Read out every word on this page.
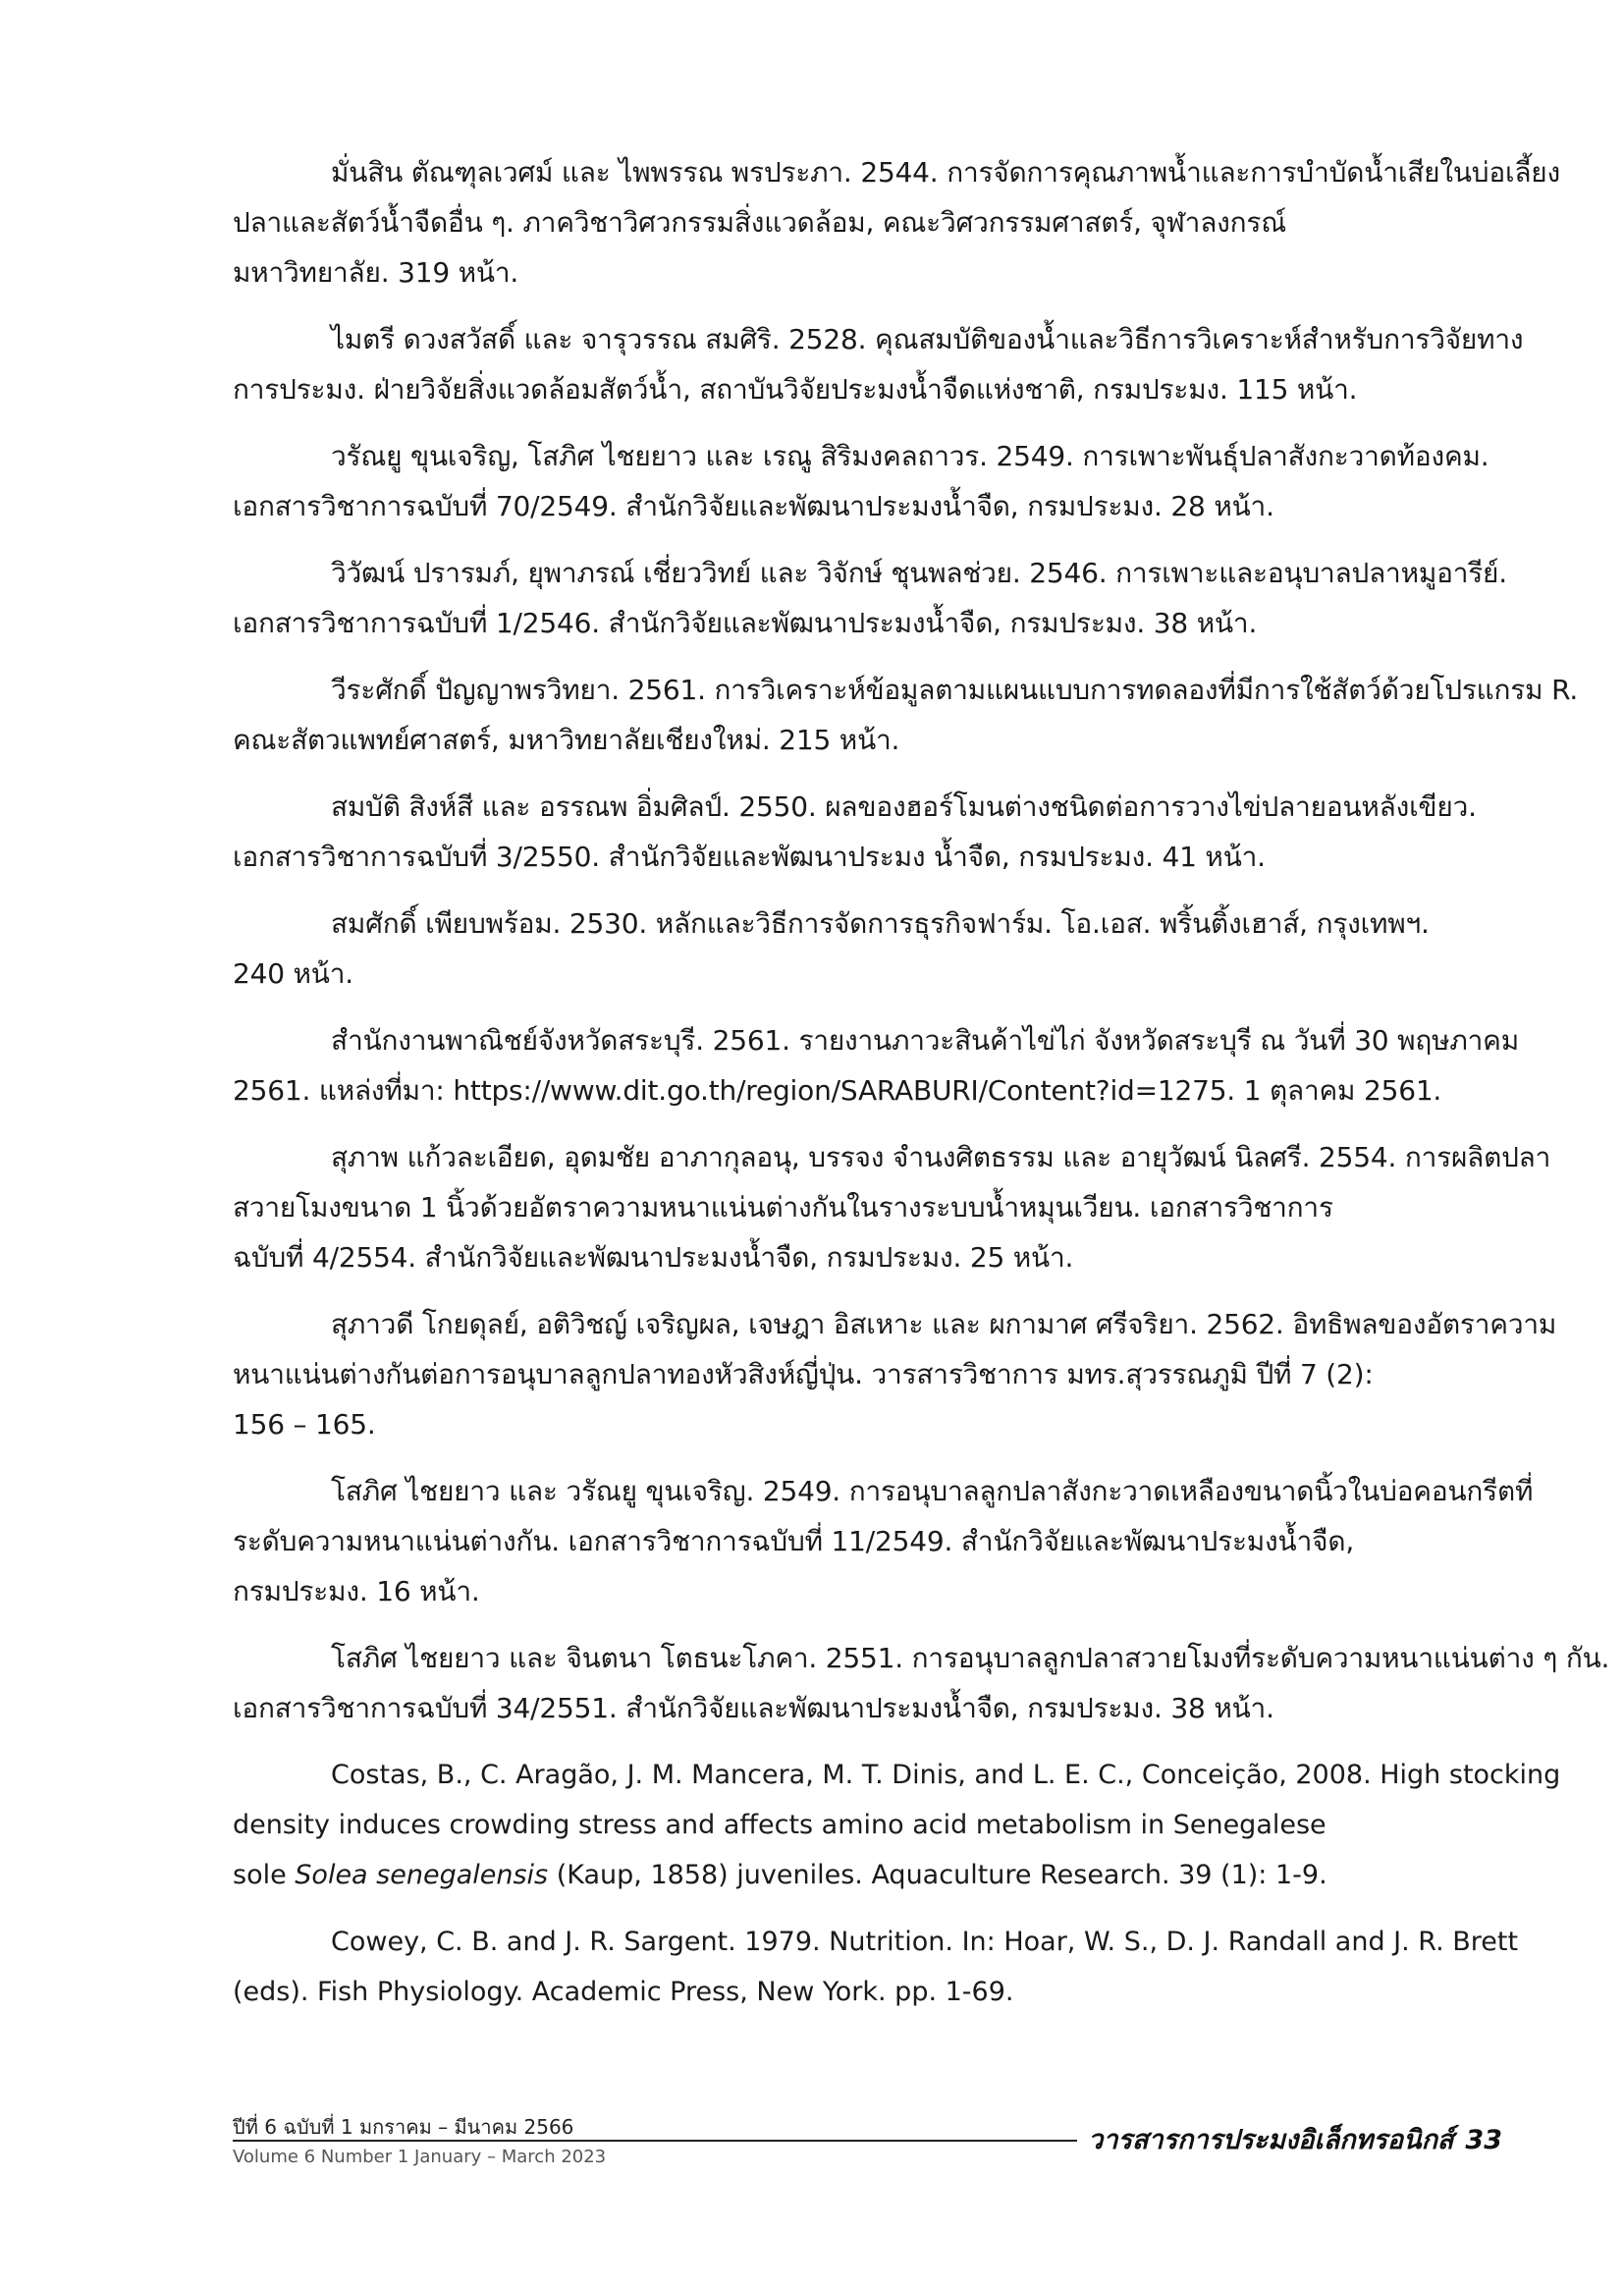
มั่นสิน ตัณฑุลเวศม์ และ ไพพรรณ พรประภา. 2544. การจัดการคุณภาพน้ำและการบำบัดน้ำเสียในบ่อเลี้ยง
ปลาและสัตว์น้ำจืดอื่น ๆ. ภาควิชาวิศวกรรมสิ่งแวดล้อม, คณะวิศวกรรมศาสตร์, จุฬาลงกรณ์
มหาวิทยาลัย. 319 หน้า.

ไมตรี ดวงสวัสดิ์ และ จารุวรรณ สมศิริ. 2528. คุณสมบัติของน้ำและวิธีการวิเคราะห์สำหรับการวิจัยทาง
การประมง. ฝ่ายวิจัยสิ่งแวดล้อมสัตว์น้ำ, สถาบันวิจัยประมงน้ำจืดแห่งชาติ, กรมประมง. 115 หน้า.

วรัณยู ขุนเจริญ, โสภิศ ไชยยาว และ เรณู สิริมงคลถาวร. 2549. การเพาะพันธุ์ปลาสังกะวาดท้องคม.
เอกสารวิชาการฉบับที่ 70/2549. สำนักวิจัยและพัฒนาประมงน้ำจืด, กรมประมง. 28 หน้า.

วิวัฒน์ ปรารมภ์, ยุพาภรณ์ เชี่ยววิทย์ และ วิจักษ์ ชุนพลช่วย. 2546. การเพาะและอนุบาลปลาหมูอารีย์.
เอกสารวิชาการฉบับที่ 1/2546. สำนักวิจัยและพัฒนาประมงน้ำจืด, กรมประมง. 38 หน้า.

วีระศักดิ์ ปัญญาพรวิทยา. 2561. การวิเคราะห์ข้อมูลตามแผนแบบการทดลองที่มีการใช้สัตว์ด้วยโปรแกรม R.
คณะสัตวแพทย์ศาสตร์, มหาวิทยาลัยเชียงใหม่. 215 หน้า.

สมบัติ สิงห์สี และ อรรณพ อิ่มศิลป์. 2550. ผลของฮอร์โมนต่างชนิดต่อการวางไข่ปลายอนหลังเขียว.
เอกสารวิชาการฉบับที่ 3/2550. สำนักวิจัยและพัฒนาประมง น้ำจืด, กรมประมง. 41 หน้า.

สมศักดิ์ เพียบพร้อม. 2530. หลักและวิธีการจัดการธุรกิจฟาร์ม. โอ.เอส. พริ้นติ้งเฮาส์, กรุงเทพฯ.
240 หน้า.

สำนักงานพาณิชย์จังหวัดสระบุรี. 2561. รายงานภาวะสินค้าไข่ไก่ จังหวัดสระบุรี ณ วันที่ 30 พฤษภาคม
2561. แหล่งที่มา: https://www.dit.go.th/region/SARABURI/Content?id=1275. 1 ตุลาคม 2561.

สุภาพ แก้วละเอียด, อุดมชัย อาภากุลอนุ, บรรจง จำนงศิตธรรม และ อายุวัฒน์ นิลศรี. 2554. การผลิตปลา
สวายโมงขนาด 1 นิ้วด้วยอัตราความหนาแน่นต่างกันในรางระบบน้ำหมุนเวียน. เอกสารวิชาการ
ฉบับที่ 4/2554. สำนักวิจัยและพัฒนาประมงน้ำจืด, กรมประมง. 25 หน้า.

สุภาวดี โกยดุลย์, อติวิชญ์ เจริญผล, เจษฎา อิสเหาะ และ ผกามาศ ศรีจริยา. 2562. อิทธิพลของอัตราความ
หนาแน่นต่างกันต่อการอนุบาลลูกปลาทองหัวสิงห์ญี่ปุ่น. วารสารวิชาการ มทร.สุวรรณภูมิ ปีที่ 7 (2):
156 – 165.

โสภิศ ไชยยาว และ วรัณยู ขุนเจริญ. 2549. การอนุบาลลูกปลาสังกะวาดเหลืองขนาดนิ้วในบ่อคอนกรีตที่
ระดับความหนาแน่นต่างกัน. เอกสารวิชาการฉบับที่ 11/2549. สำนักวิจัยและพัฒนาประมงน้ำจืด,
กรมประมง. 16 หน้า.

โสภิศ ไชยยาว และ จินตนา โตธนะโภคา. 2551. การอนุบาลลูกปลาสวายโมงที่ระดับความหนาแน่นต่าง ๆ กัน.
เอกสารวิชาการฉบับที่ 34/2551. สำนักวิจัยและพัฒนาประมงน้ำจืด, กรมประมง. 38 หน้า.

Costas, B., C. Aragão, J. M. Mancera, M. T. Dinis, and L. E. C., Conceição, 2008. High stocking
density induces crowding stress and affects amino acid metabolism in Senegalese
sole Solea senegalensis (Kaup, 1858) juveniles. Aquaculture Research. 39 (1): 1-9.

Cowey, C. B. and J. R. Sargent. 1979. Nutrition. In: Hoar, W. S., D. J. Randall and J. R. Brett
(eds). Fish Physiology. Academic Press, New York. pp. 1-69.

ปีที่ 6 ฉบับที่ 1 มกราคม – มีนาคม 2566
Volume 6 Number 1 January – March 2023
วารสารการประมงอิเล็กทรอนิกส์ 33
